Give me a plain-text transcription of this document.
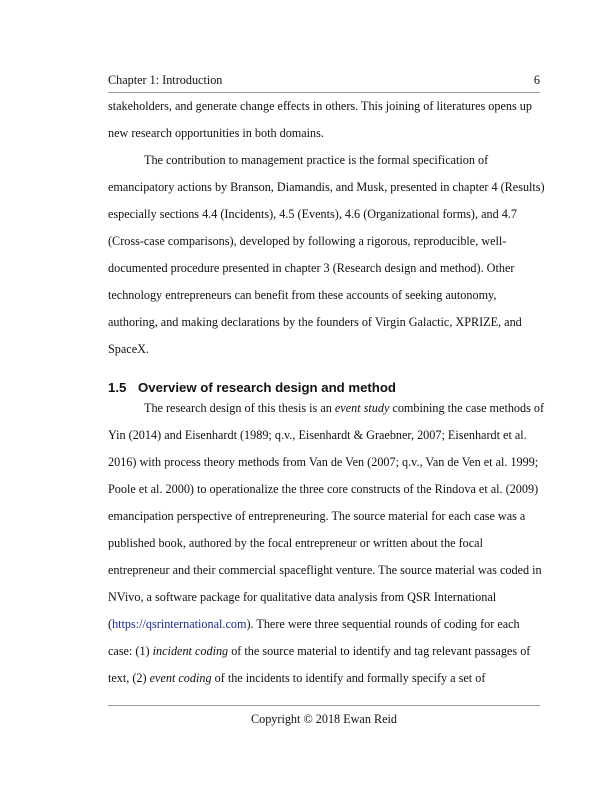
Chapter 1: Introduction	6
stakeholders, and generate change effects in others. This joining of literatures opens up
new research opportunities in both domains.
The contribution to management practice is the formal specification of
emancipatory actions by Branson, Diamandis, and Musk, presented in chapter 4 (Results)
especially sections 4.4 (Incidents), 4.5 (Events), 4.6 (Organizational forms), and 4.7
(Cross-case comparisons), developed by following a rigorous, reproducible, well-
documented procedure presented in chapter 3 (Research design and method). Other
technology entrepreneurs can benefit from these accounts of seeking autonomy,
authoring, and making declarations by the founders of Virgin Galactic, XPRIZE, and
SpaceX.
1.5 Overview of research design and method
The research design of this thesis is an event study combining the case methods of
Yin (2014) and Eisenhardt (1989; q.v., Eisenhardt & Graebner, 2007; Eisenhardt et al.
2016) with process theory methods from Van de Ven (2007; q.v., Van de Ven et al. 1999;
Poole et al. 2000) to operationalize the three core constructs of the Rindova et al. (2009)
emancipation perspective of entrepreneuring. The source material for each case was a
published book, authored by the focal entrepreneur or written about the focal
entrepreneur and their commercial spaceflight venture. The source material was coded in
NVivo, a software package for qualitative data analysis from QSR International
(https://qsrinternational.com). There were three sequential rounds of coding for each
case: (1) incident coding of the source material to identify and tag relevant passages of
text, (2) event coding of the incidents to identify and formally specify a set of
Copyright © 2018 Ewan Reid
